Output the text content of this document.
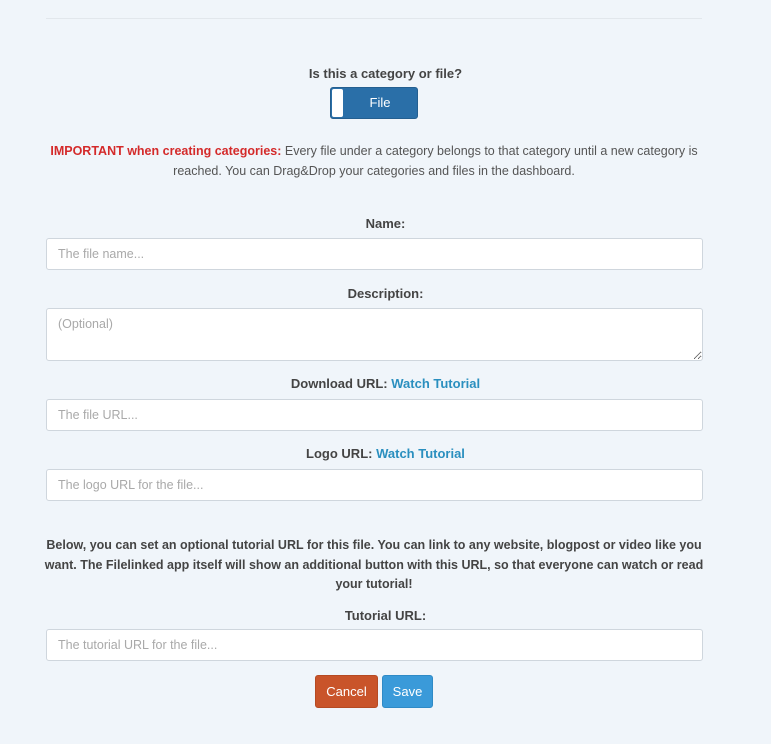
Is this a category or file?
File
IMPORTANT when creating categories: Every file under a category belongs to that category until a new category is reached. You can Drag&Drop your categories and files in the dashboard.
Name:
The file name...
Description:
(Optional)
Download URL: Watch Tutorial
The file URL...
Logo URL: Watch Tutorial
The logo URL for the file...
Below, you can set an optional tutorial URL for this file. You can link to any website, blogpost or video like you want. The Filelinked app itself will show an additional button with this URL, so that everyone can watch or read your tutorial!
Tutorial URL:
The tutorial URL for the file...
Cancel	Save
